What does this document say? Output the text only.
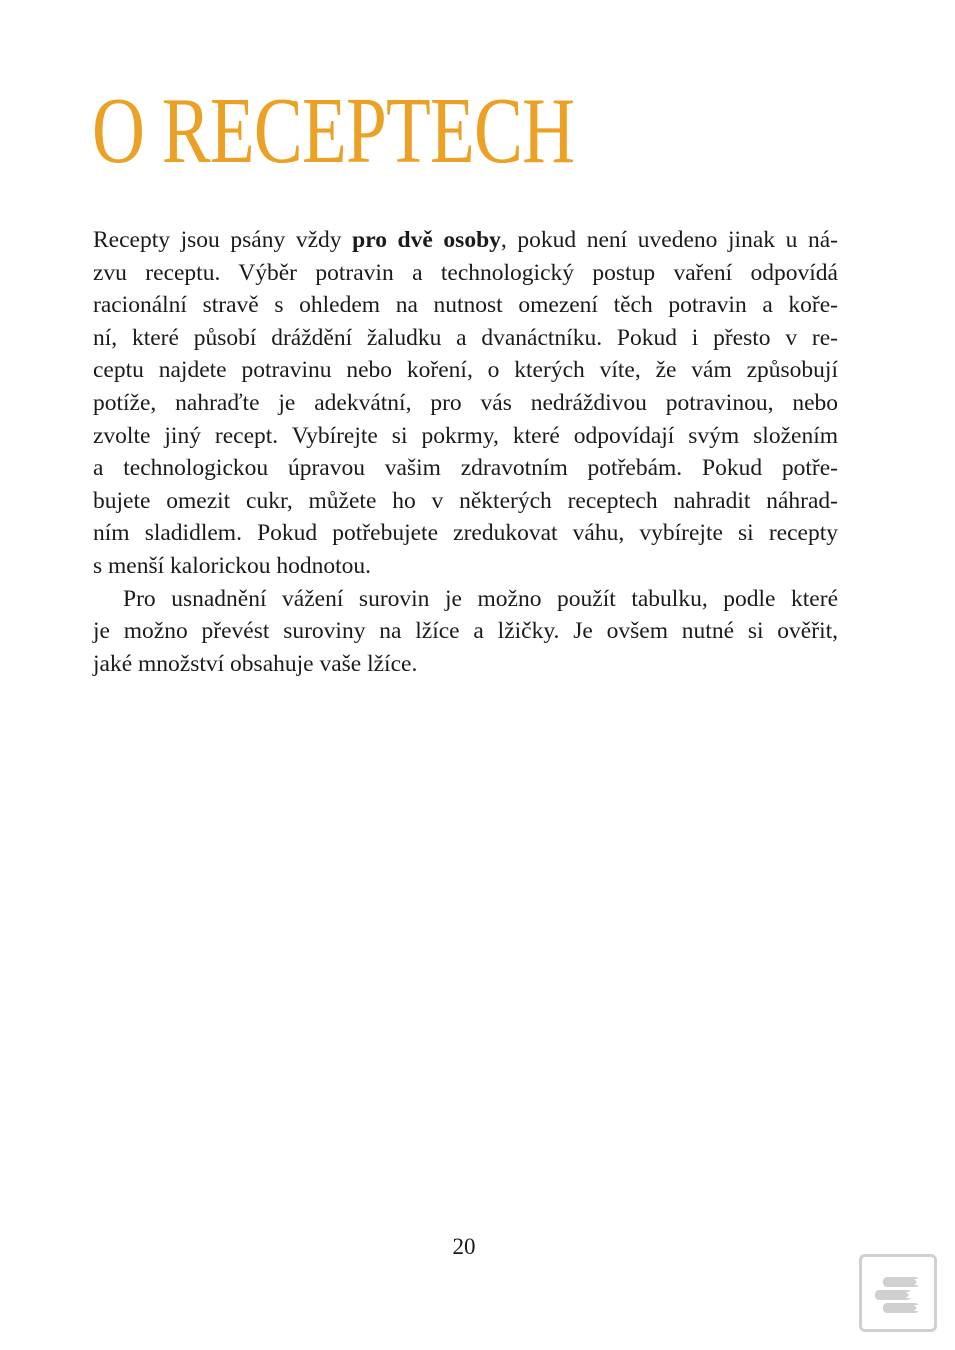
O RECEPTECH

Recepty jsou psány vždy pro dvě osoby, pokud není uvedeno jinak u ná-
zvu receptu. Výběr potravin a technologický postup vaření odpovídá
racionální stravě s ohledem na nutnost omezení těch potravin a koře-
ní, které působí dráždění žaludku a dvanáctníku. Pokud i přesto v re-
ceptu najdete potravinu nebo koření, o kterých víte, že vám způsobují
potíže, nahraďte je adekvátní, pro vás nedráždivou potravinou, nebo
zvolte jiný recept. Vybírejte si pokrmy, které odpovídají svým složením
a technologickou úpravou vašim zdravotním potřebám. Pokud potře-
bujete omezit cukr, můžete ho v některých receptech nahradit náhrad-
ním sladidlem. Pokud potřebujete zredukovat váhu, vybírejte si recepty
s menší kalorickou hodnotou.

Pro usnadnění vážení surovin je možno použít tabulku, podle které
je možno převést suroviny na lžíce a lžičky. Je ovšem nutné si ověřit,
jaké množství obsahuje vaše lžíce.

20
